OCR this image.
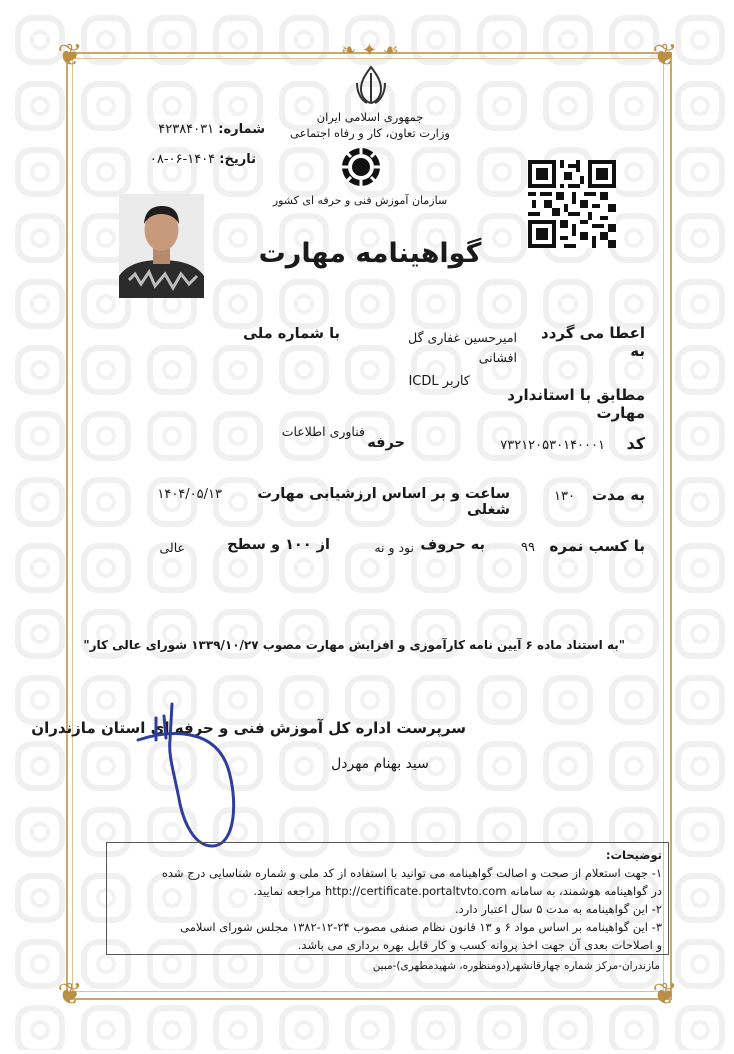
❦	❦
❦	❦
❧ ✦ ☙
جمهوری اسلامی ایران
وزارت تعاون، کار و رفاه اجتماعی
شماره: ۴۲۳۸۴۰۳۱
تاریخ: ۱۴۰۴-۰۶-۰۸
سازمان آموزش فنی و حرفه ای کشور
گواهینامه مهارت
اعطا می گردد به
امیرحسین غفاری گل
افشانی
با شماره ملی
مطابق با استاندارد مهارت
کاربر ICDL
کد
۷۳۲۱۲۰۵۳۰۱۴۰۰۰۱
حرفه
فناوری اطلاعات
به مدت
۱۳۰
ساعت و بر اساس ارزشیابی مهارت شغلی
۱۴۰۴/۰۵/۱۳
با کسب نمره
۹۹
به حروف
نود و نه
از ۱۰۰ و سطح
عالی
"به استناد ماده ۶ آیین نامه کارآموزی و افزایش مهارت مصوب ۱۳۳۹/۱۰/۲۷ شورای عالی کار"
سرپرست اداره کل آموزش فنی و حرفه ای استان مازندران
سید بهنام مهردل
توضیحات:
۱- جهت استعلام از صحت و اصالت گواهینامه می توانید با استفاده از کد ملی و شماره شناسایی درج شده
در گواهینامه هوشمند، به سامانه http://certificate.portaltvto.com مراجعه نمایید.
۲- این گواهینامه به مدت ۵ سال اعتبار دارد.
۳- این گواهینامه بر اساس مواد ۶ و ۱۳ قانون نظام صنفی مصوب ۲۴-۱۲-۱۳۸۲ مجلس شورای اسلامی
و اصلاحات بعدی آن جهت اخذ پروانه کسب و کار قابل بهره برداری می باشد.
مازندران-مرکز شماره چهارقانشهر(دومنظوره، شهیدمطهری)-مبین
